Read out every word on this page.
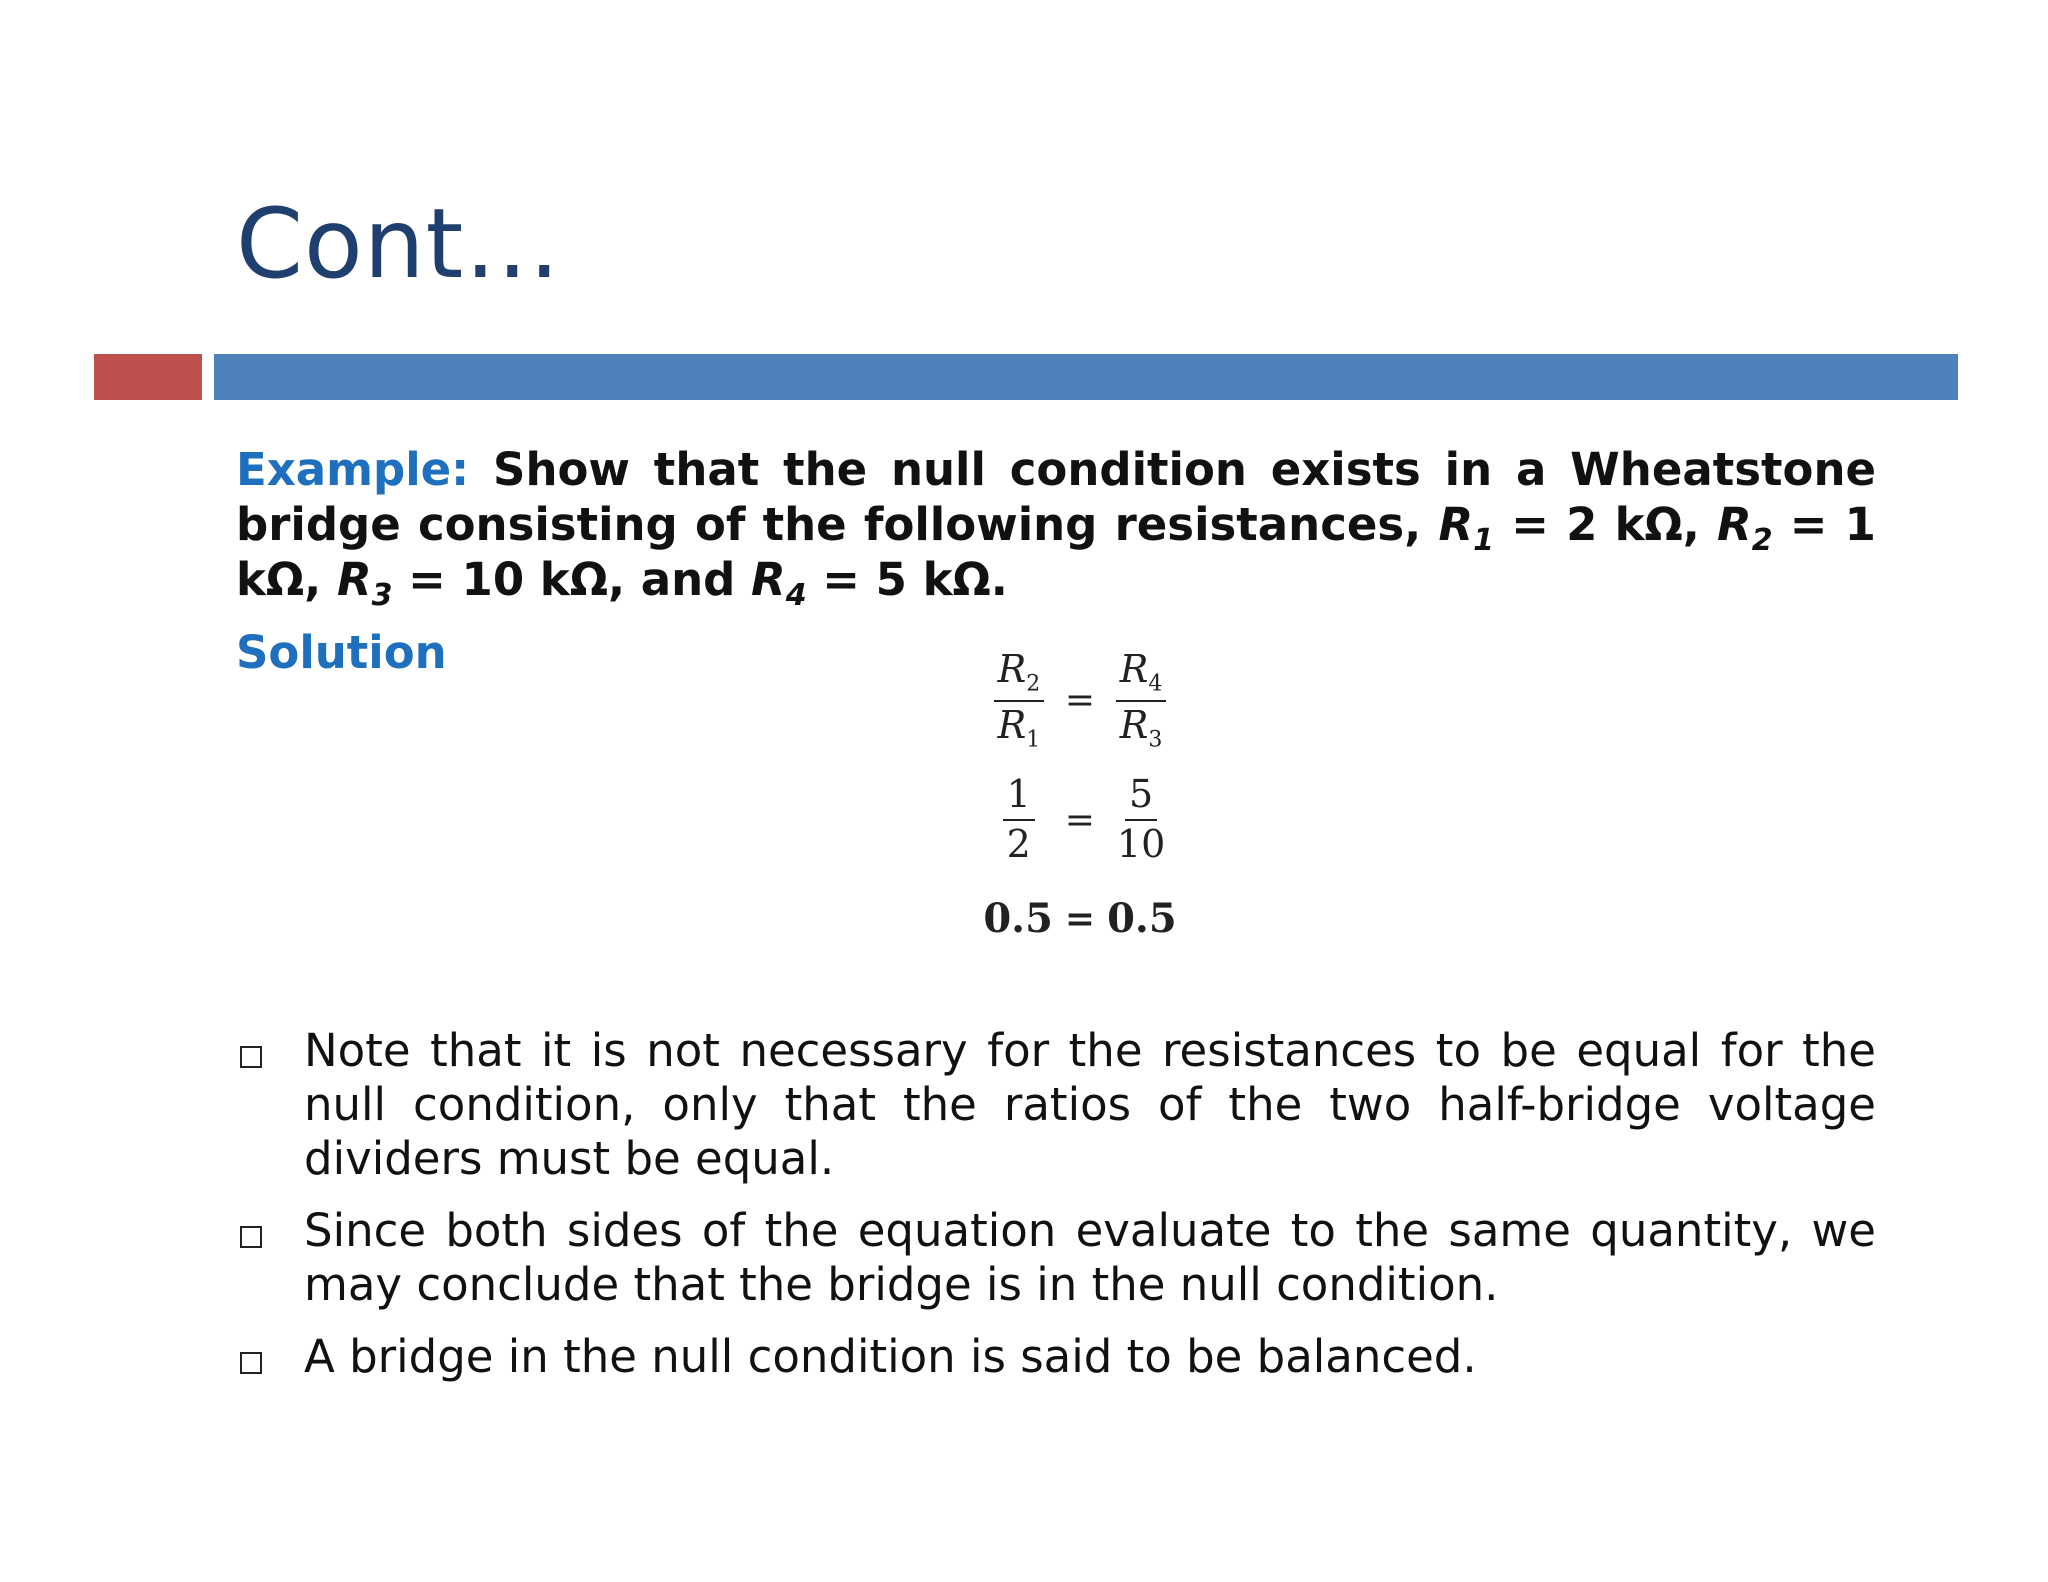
Cont…
Example: Show that the null condition exists in a Wheatstone bridge consisting of the following resistances, $R_1 = 2$ kΩ, $R_2 = 1$ kΩ, $R_3 = 10$ kΩ, and $R_4 = 5$ kΩ.
Solution	$\frac{R_2}{R_1} = \frac{R_4}{R_3}$
$\frac{1}{2} = \frac{5}{10}$
0.5 = 0.5
Note that it is not necessary for the resistances to be equal for the null condition, only that the ratios of the two half-bridge voltage dividers must be equal.
Since both sides of the equation evaluate to the same quantity, we may conclude that the bridge is in the null condition.
A bridge in the null condition is said to be balanced.
